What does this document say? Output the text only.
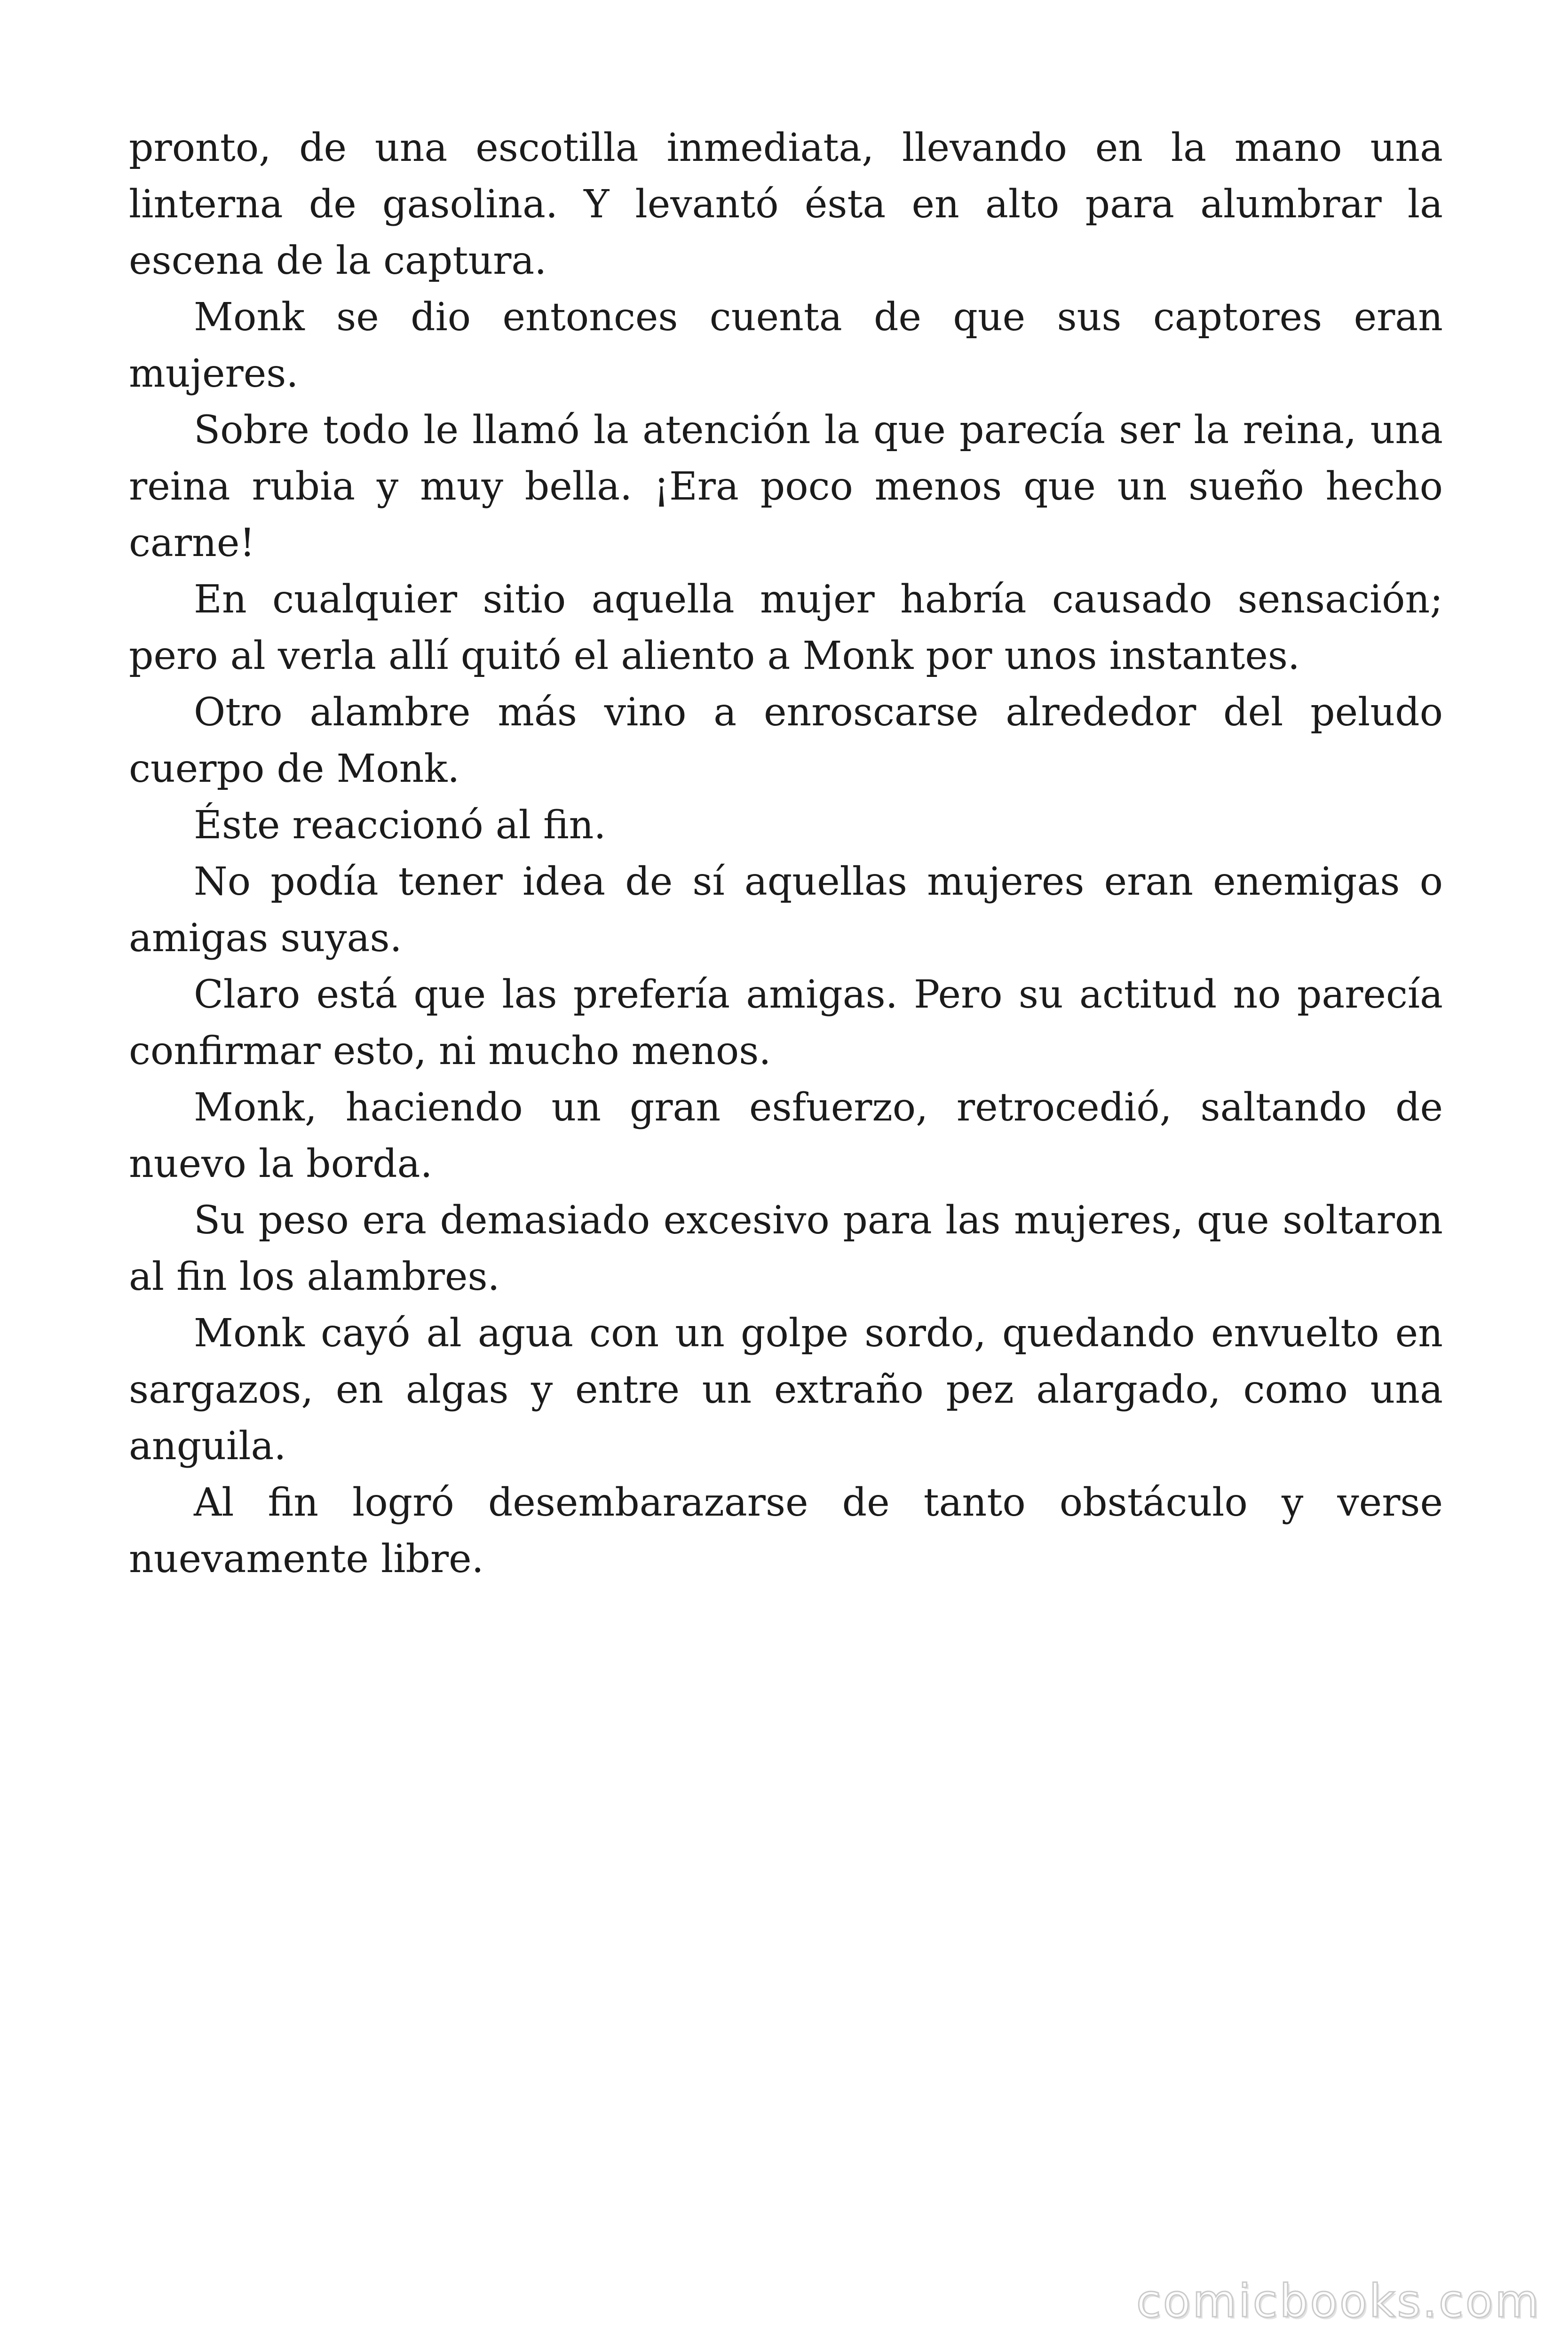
pronto, de una escotilla inmediata, llevando en la mano una linterna de gasolina. Y levantó ésta en alto para alumbrar la escena de la captura.

Monk se dio entonces cuenta de que sus captores eran mujeres.

Sobre todo le llamó la atención la que parecía ser la reina, una reina rubia y muy bella. ¡Era poco menos que un sueño hecho carne!

En cualquier sitio aquella mujer habría causado sensación; pero al verla allí quitó el aliento a Monk por unos instantes.

Otro alambre más vino a enroscarse alrededor del peludo cuerpo de Monk.

Éste reaccionó al fin.

No podía tener idea de sí aquellas mujeres eran enemigas o amigas suyas.

Claro está que las prefería amigas. Pero su actitud no parecía confirmar esto, ni mucho menos.

Monk, haciendo un gran esfuerzo, retrocedió, saltando de nuevo la borda.

Su peso era demasiado excesivo para las mujeres, que soltaron al fin los alambres.

Monk cayó al agua con un golpe sordo, quedando envuelto en sargazos, en algas y entre un extraño pez alargado, como una anguila.

Al fin logró desembarazarse de tanto obstáculo y verse nuevamente libre.

comicbooks.com
